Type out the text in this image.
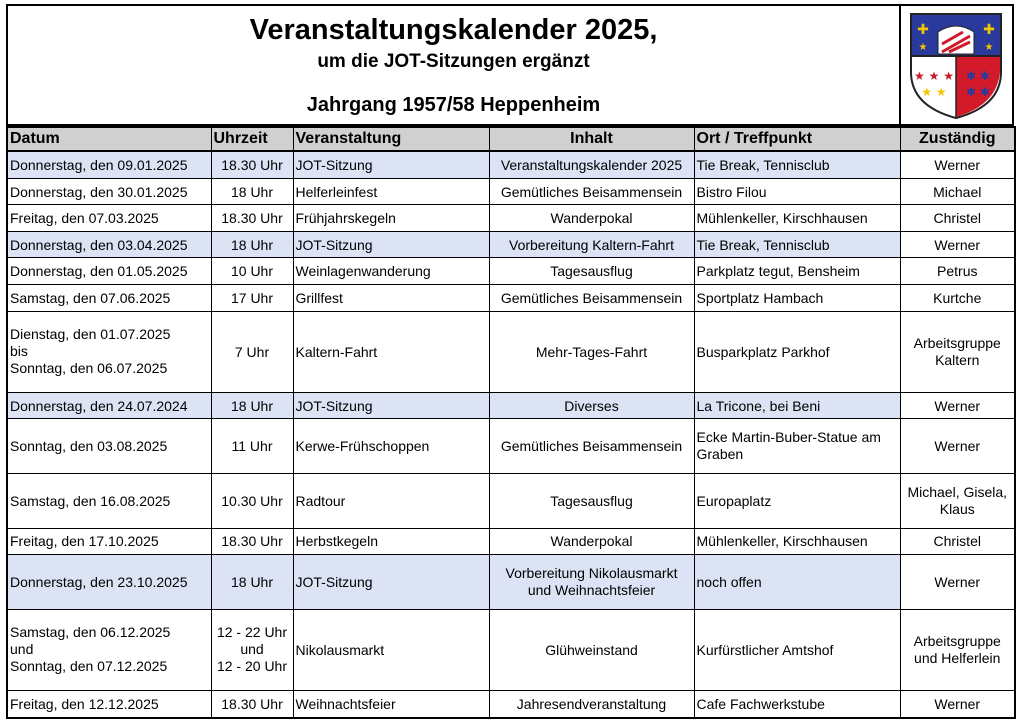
Veranstaltungskalender 2025,
um die JOT-Sitzungen ergänzt
Jahrgang 1957/58 Heppenheim
✚	✚
★	★
★ ★ ★
★ ★
✱ ✱
✱ ✱
Datum	Uhrzeit	Veranstaltung	Inhalt	Ort / Treffpunkt	Zuständig
Donnerstag, den 09.01.2025	18.30 Uhr	JOT-Sitzung	Veranstaltungskalender 2025	Tie Break, Tennisclub	Werner
Donnerstag, den 30.01.2025	18 Uhr	Helferleinfest	Gemütliches Beisammensein	Bistro Filou	Michael
Freitag, den 07.03.2025	18.30 Uhr	Frühjahrskegeln	Wanderpokal	Mühlenkeller, Kirschhausen	Christel
Donnerstag, den 03.04.2025	18 Uhr	JOT-Sitzung	Vorbereitung Kaltern-Fahrt	Tie Break, Tennisclub	Werner
Donnerstag, den 01.05.2025	10 Uhr	Weinlagenwanderung	Tagesausflug	Parkplatz tegut, Bensheim	Petrus
Samstag, den 07.06.2025	17 Uhr	Grillfest	Gemütliches Beisammensein	Sportplatz Hambach	Kurtche
Dienstag, den 01.07.2025
bis
Sonntag, den 06.07.2025	7 Uhr	Kaltern-Fahrt	Mehr-Tages-Fahrt	Busparkplatz Parkhof	Arbeitsgruppe
Kaltern
Donnerstag, den 24.07.2024	18 Uhr	JOT-Sitzung	Diverses	La Tricone, bei Beni	Werner
Sonntag, den 03.08.2025	11 Uhr	Kerwe-Frühschoppen	Gemütliches Beisammensein	Ecke Martin-Buber-Statue am
Graben	Werner
Samstag, den 16.08.2025	10.30 Uhr	Radtour	Tagesausflug	Europaplatz	Michael, Gisela,
Klaus
Freitag, den 17.10.2025	18.30 Uhr	Herbstkegeln	Wanderpokal	Mühlenkeller, Kirschhausen	Christel
Donnerstag, den 23.10.2025	18 Uhr	JOT-Sitzung	Vorbereitung Nikolausmarkt
und Weihnachtsfeier	noch offen	Werner
Samstag, den 06.12.2025
und
Sonntag, den 07.12.2025	12 - 22 Uhr
und
12 - 20 Uhr	Nikolausmarkt	Glühweinstand	Kurfürstlicher Amtshof	Arbeitsgruppe
und Helferlein
Freitag, den 12.12.2025	18.30 Uhr	Weihnachtsfeier	Jahresendveranstaltung	Cafe Fachwerkstube	Werner
